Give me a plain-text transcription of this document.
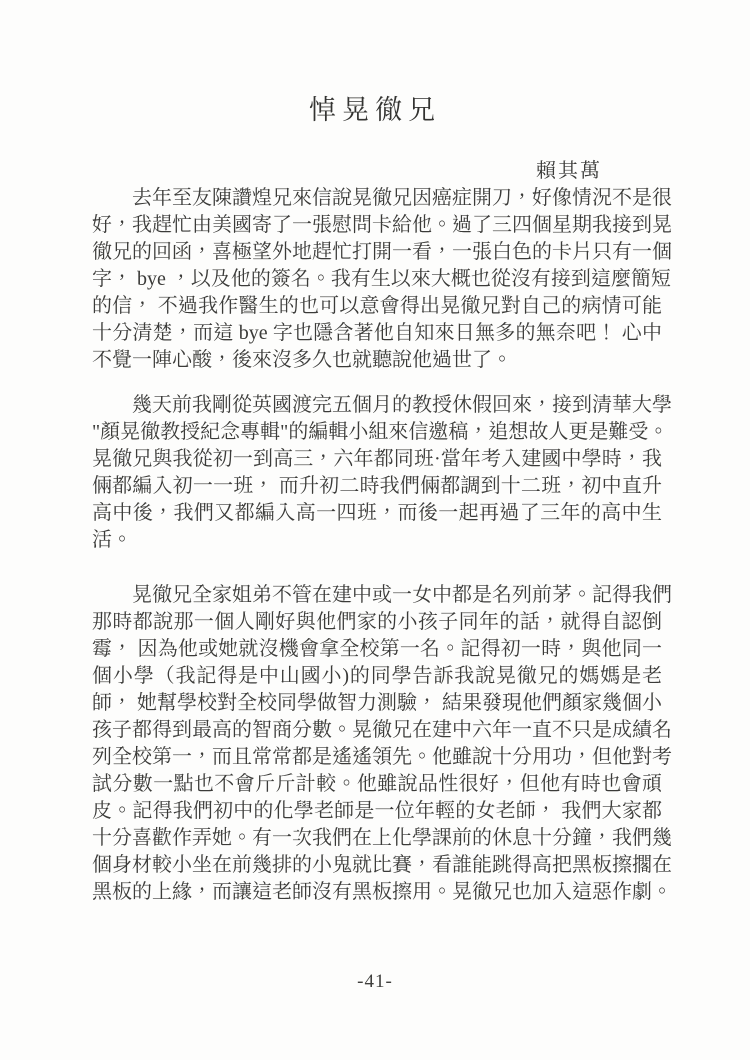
悼晃徹兄
賴其萬
去年至友陳讚煌兄來信說晃徹兄因癌症開刀，好像情況不是很
好，我趕忙由美國寄了一張慰問卡給他。過了三四個星期我接到晃
徹兄的回函，喜極望外地趕忙打開一看，一張白色的卡片只有一個
字， bye ，以及他的簽名。我有生以來大概也從沒有接到這麼簡短
的信， 不過我作醫生的也可以意會得出晃徹兄對自己的病情可能
十分清楚，而這 bye 字也隱含著他自知來日無多的無奈吧！ 心中
不覺一陣心酸，後來沒多久也就聽說他過世了。
幾天前我剛從英國渡完五個月的教授休假回來，接到清華大學
"顏晃徹教授紀念專輯"的編輯小組來信邀稿，追想故人更是難受。
晃徹兄與我從初一到高三，六年都同班·當年考入建國中學時，我
倆都編入初一一班， 而升初二時我們倆都調到十二班，初中直升
高中後，我們又都編入高一四班，而後一起再過了三年的高中生
活。
晃徹兄全家姐弟不管在建中或一女中都是名列前茅。記得我們
那時都說那一個人剛好與他們家的小孩子同年的話，就得自認倒
霉， 因為他或她就沒機會拿全校第一名。記得初一時，與他同一
個小學（我記得是中山國小)的同學告訴我說晃徹兄的媽媽是老
師， 她幫學校對全校同學做智力測驗， 結果發現他們顏家幾個小
孩子都得到最高的智商分數。晃徹兄在建中六年一直不只是成績名
列全校第一，而且常常都是遙遙領先。他雖說十分用功，但他對考
試分數一點也不會斤斤計較。他雖說品性很好，但他有時也會頑
皮。記得我們初中的化學老師是一位年輕的女老師， 我們大家都
十分喜歡作弄她。有一次我們在上化學課前的休息十分鐘，我們幾
個身材較小坐在前幾排的小鬼就比賽，看誰能跳得高把黑板擦擱在
黑板的上緣，而讓這老師沒有黑板擦用。晃徹兄也加入這惡作劇。
-41-
